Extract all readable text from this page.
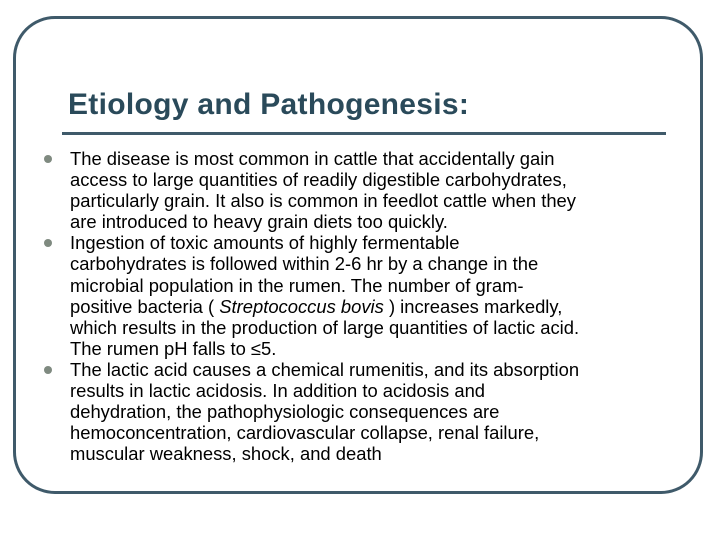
Etiology and Pathogenesis:
The disease is most common in cattle that accidentally gain
access to large quantities of readily digestible carbohydrates,
particularly grain. It also is common in feedlot cattle when they
are introduced to heavy grain diets too quickly.
Ingestion of toxic amounts of highly fermentable
carbohydrates is followed within 2-6 hr by a change in the
microbial population in the rumen. The number of gram-
positive bacteria ( Streptococcus bovis ) increases markedly,
which results in the production of large quantities of lactic acid.
The rumen pH falls to ≤5.
The lactic acid causes a chemical rumenitis, and its absorption
results in lactic acidosis. In addition to acidosis and
dehydration, the pathophysiologic consequences are
hemoconcentration, cardiovascular collapse, renal failure,
muscular weakness, shock, and death
